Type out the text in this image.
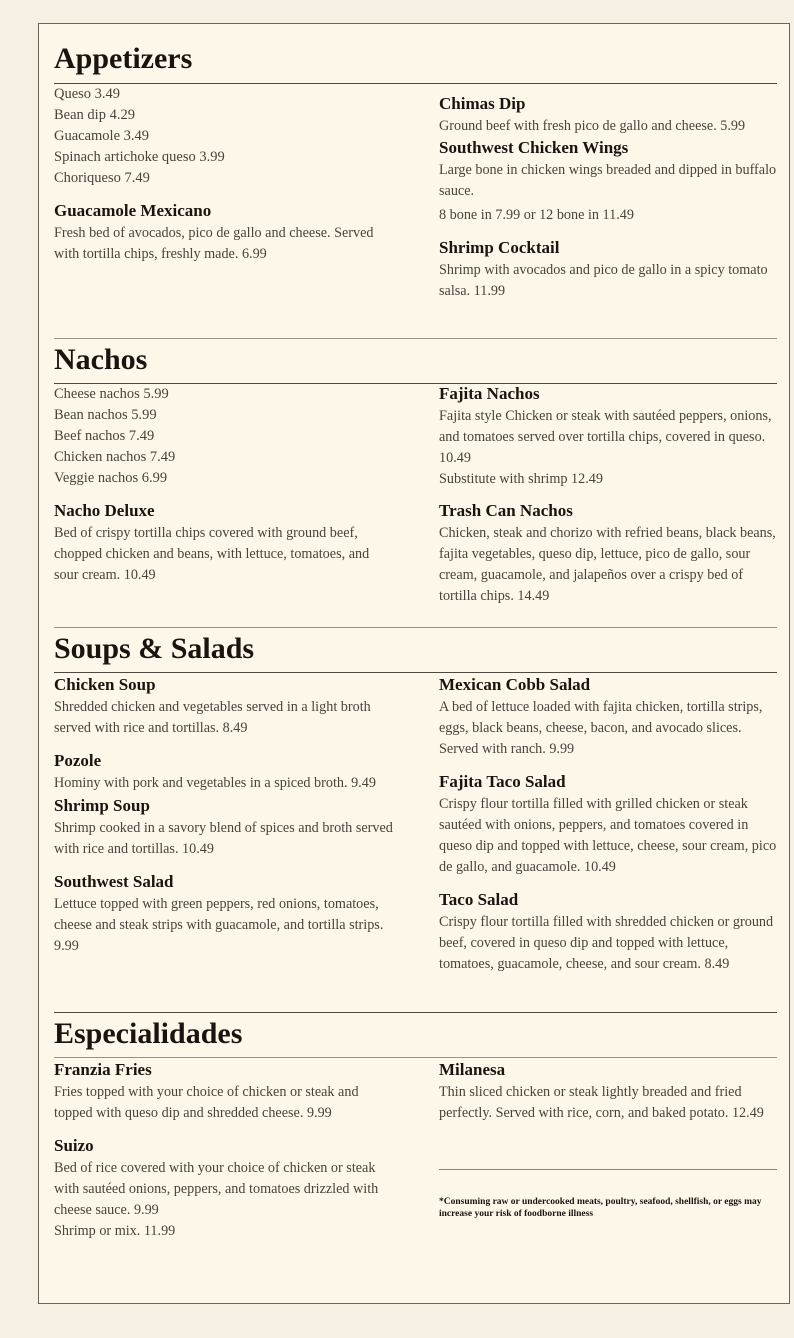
Appetizers
Queso 3.49
Bean dip 4.29
Guacamole 3.49
Spinach artichoke queso 3.99
Choriqueso 7.49
Guacamole Mexicano
Fresh bed of avocados, pico de gallo and cheese. Served with tortilla chips, freshly made. 6.99
Chimas Dip
Ground beef with fresh pico de gallo and cheese. 5.99
Southwest Chicken Wings
Large bone in chicken wings breaded and dipped in buffalo sauce.
8 bone in 7.99 or 12 bone in 11.49
Shrimp Cocktail
Shrimp with avocados and pico de gallo in a spicy tomato salsa. 11.99
Nachos
Cheese nachos 5.99
Bean nachos 5.99
Beef nachos 7.49
Chicken nachos 7.49
Veggie nachos 6.99
Nacho Deluxe
Bed of crispy tortilla chips covered with ground beef, chopped chicken and beans, with lettuce, tomatoes, and sour cream. 10.49
Fajita Nachos
Fajita style Chicken or steak with sautéed peppers, onions, and tomatoes served over tortilla chips, covered in queso. 10.49
Substitute with shrimp 12.49
Trash Can Nachos
Chicken, steak and chorizo with refried beans, black beans, fajita vegetables, queso dip, lettuce, pico de gallo, sour cream, guacamole, and jalapeños over a crispy bed of tortilla chips. 14.49
Soups & Salads
Chicken Soup
Shredded chicken and vegetables served in a light broth served with rice and tortillas. 8.49
Pozole
Hominy with pork and vegetables in a spiced broth. 9.49
Shrimp Soup
Shrimp cooked in a savory blend of spices and broth served with rice and tortillas. 10.49
Southwest Salad
Lettuce topped with green peppers, red onions, tomatoes, cheese and steak strips with guacamole, and tortilla strips. 9.99
Mexican Cobb Salad
A bed of lettuce loaded with fajita chicken, tortilla strips, eggs, black beans, cheese, bacon, and avocado slices. Served with ranch. 9.99
Fajita Taco Salad
Crispy flour tortilla filled with grilled chicken or steak sautéed with onions, peppers, and tomatoes covered in queso dip and topped with lettuce, cheese, sour cream, pico de gallo, and guacamole. 10.49
Taco Salad
Crispy flour tortilla filled with shredded chicken or ground beef, covered in queso dip and topped with lettuce, tomatoes, guacamole, cheese, and sour cream. 8.49
Especialidades
Franzia Fries
Fries topped with your choice of chicken or steak and topped with queso dip and shredded cheese. 9.99
Suizo
Bed of rice covered with your choice of chicken or steak with sautéed onions, peppers, and tomatoes drizzled with cheese sauce. 9.99
Shrimp or mix. 11.99
Milanesa
Thin sliced chicken or steak lightly breaded and fried perfectly. Served with rice, corn, and baked potato. 12.49
*Consuming raw or undercooked meats, poultry, seafood, shellfish, or eggs may increase your risk of foodborne illness
